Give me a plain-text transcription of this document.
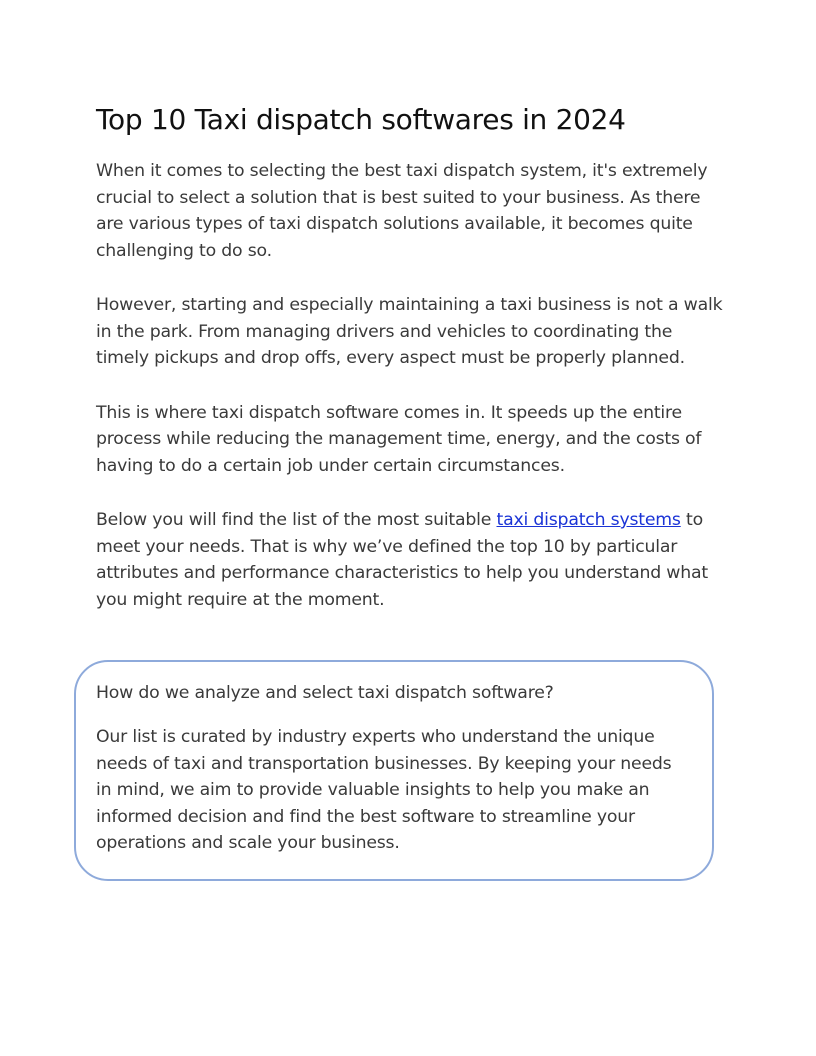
Top 10 Taxi dispatch softwares in 2024

When it comes to selecting the best taxi dispatch system, it's extremely crucial to select a solution that is best suited to your business. As there are various types of taxi dispatch solutions available, it becomes quite challenging to do so.

However, starting and especially maintaining a taxi business is not a walk in the park. From managing drivers and vehicles to coordinating the timely pickups and drop offs, every aspect must be properly planned.

This is where taxi dispatch software comes in. It speeds up the entire process while reducing the management time, energy, and the costs of having to do a certain job under certain circumstances.

Below you will find the list of the most suitable taxi dispatch systems to meet your needs. That is why we’ve defined the top 10 by particular attributes and performance characteristics to help you understand what you might require at the moment.

How do we analyze and select taxi dispatch software?

Our list is curated by industry experts who understand the unique needs of taxi and transportation businesses. By keeping your needs in mind, we aim to provide valuable insights to help you make an informed decision and find the best software to streamline your operations and scale your business.
